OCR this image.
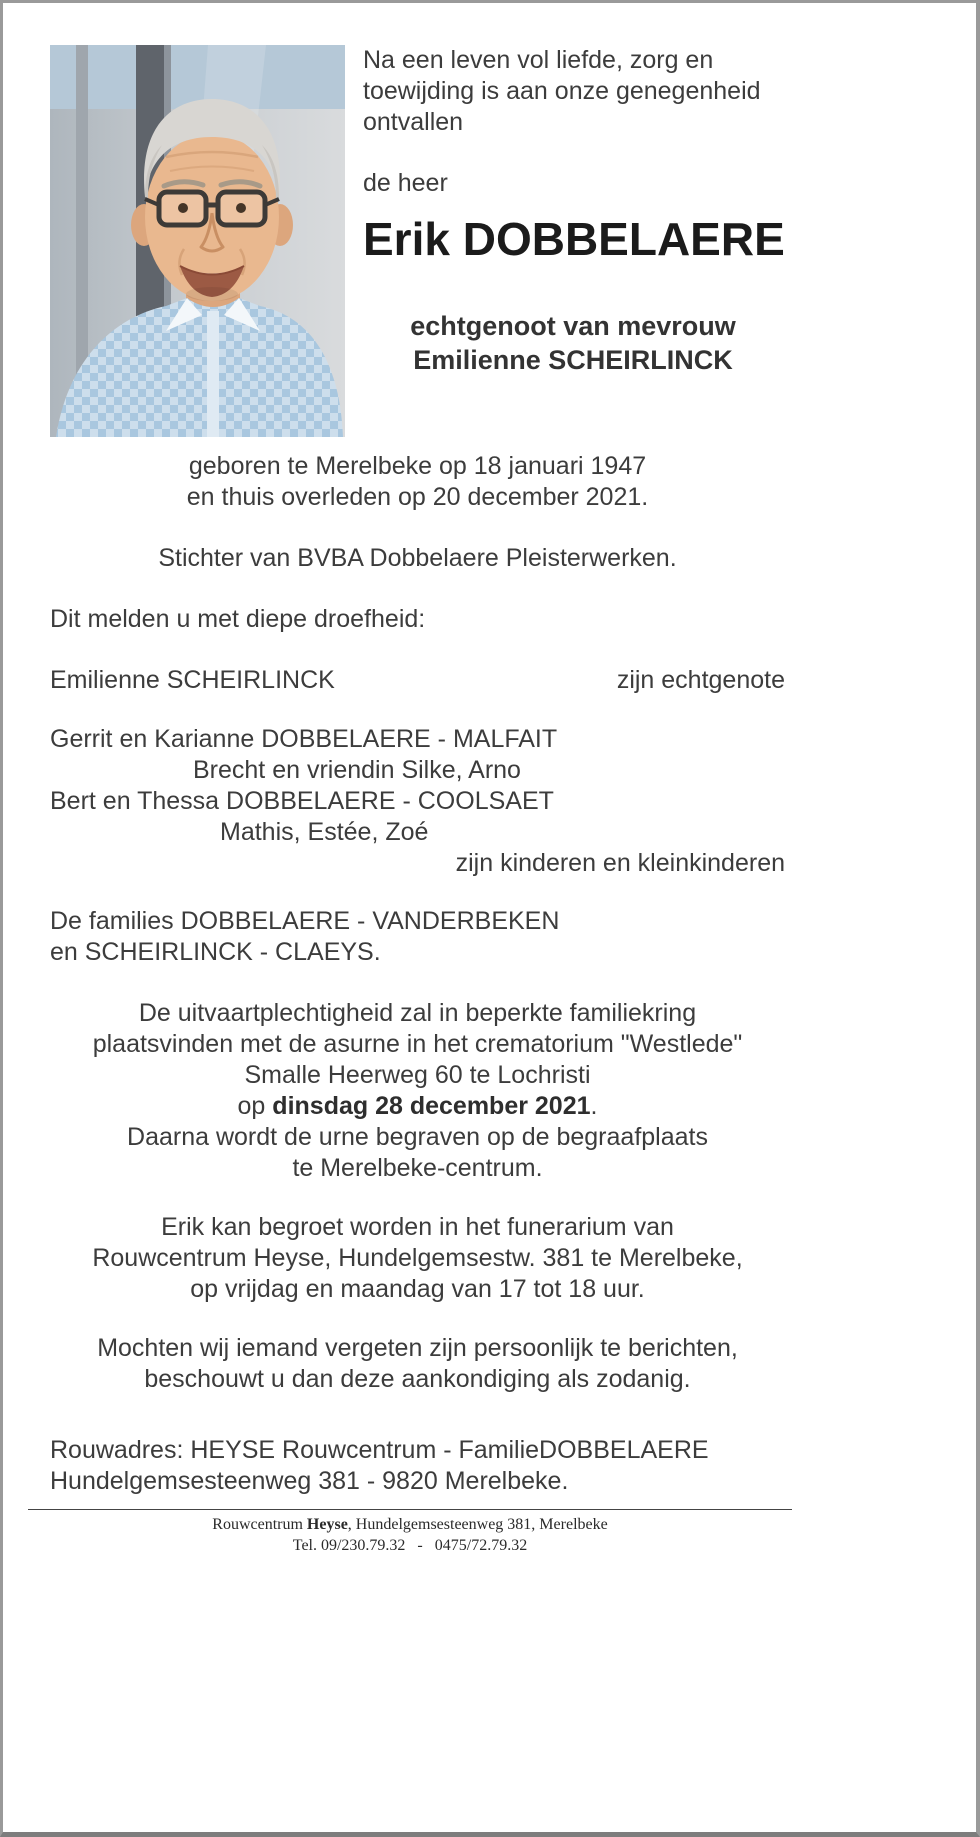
Na een leven vol liefde, zorg en
toewijding is aan onze genegenheid
ontvallen

de heer

Erik DOBBELAERE

echtgenoot van mevrouw
Emilienne SCHEIRLINCK

geboren te Merelbeke op 18 januari 1947
en thuis overleden op 20 december 2021.
Stichter van BVBA Dobbelaere Pleisterwerken.
Dit melden u met diepe droefheid:
Emilienne SCHEIRLINCK	zijn echtgenote
Gerrit en Karianne DOBBELAERE - MALFAIT
Brecht en vriendin Silke, Arno
Bert en Thessa DOBBELAERE - COOLSAET
Mathis, Estée, Zoé
zijn kinderen en kleinkinderen
De families DOBBELAERE - VANDERBEKEN
en SCHEIRLINCK - CLAEYS.
De uitvaartplechtigheid zal in beperkte familiekring
plaatsvinden met de asurne in het crematorium "Westlede"
Smalle Heerweg 60 te Lochristi
op dinsdag 28 december 2021.
Daarna wordt de urne begraven op de begraafplaats
te Merelbeke-centrum.
Erik kan begroet worden in het funerarium van
Rouwcentrum Heyse, Hundelgemsestw. 381 te Merelbeke,
op vrijdag en maandag van 17 tot 18 uur.
Mochten wij iemand vergeten zijn persoonlijk te berichten,
beschouwt u dan deze aankondiging als zodanig.
Rouwadres: HEYSE Rouwcentrum - FamilieDOBBELAERE
Hundelgemsesteenweg 381 - 9820 Merelbeke.
Rouwcentrum Heyse, Hundelgemsesteenweg 381, Merelbeke
Tel. 09/230.79.32   -   0475/72.79.32
